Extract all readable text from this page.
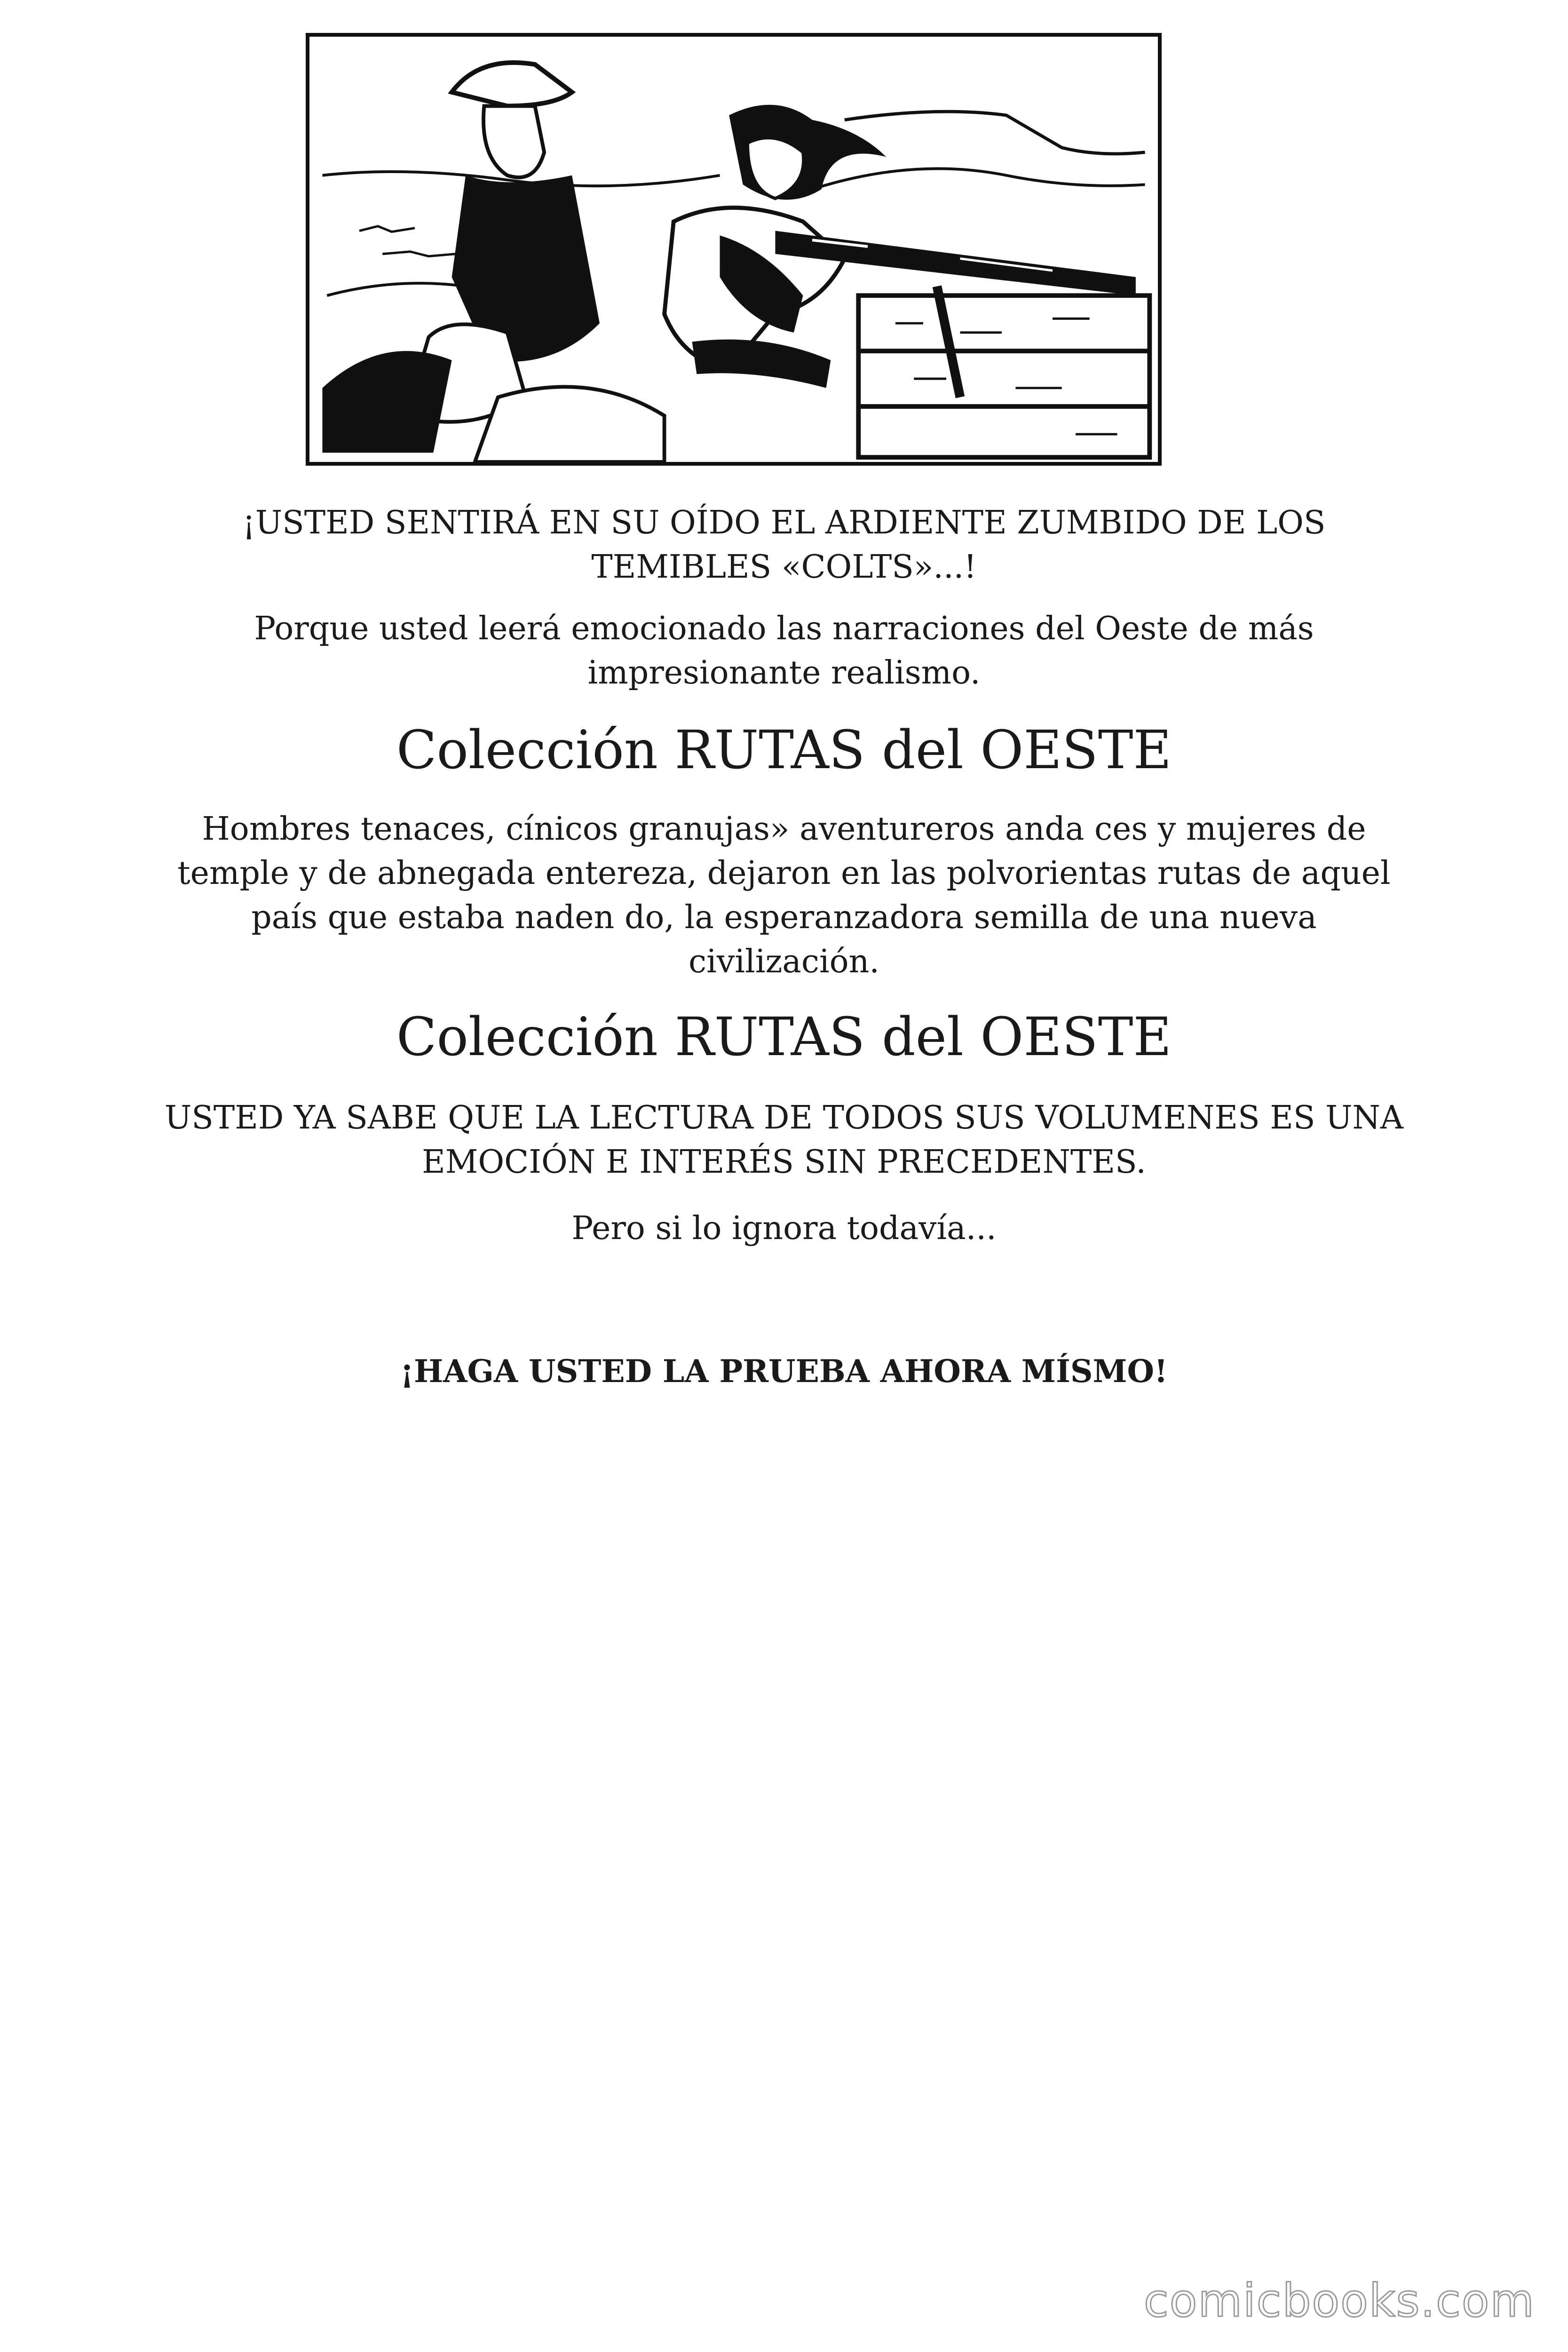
¡USTED SENTIRÁ EN SU OÍDO EL ARDIENTE ZUMBIDO DE LOS

TEMIBLES «COLTS»...!

Porque usted leerá emocionado las narraciones del Oeste de más

impresionante realismo.

Colección RUTAS del OESTE

Hombres tenaces, cínicos granujas» aventureros anda ces y mujeres de

temple y de abnegada entereza, dejaron en las polvorientas rutas de aquel

país que estaba naden do, la esperanzadora semilla de una nueva

civilización.

Colección RUTAS del OESTE

USTED YA SABE QUE LA LECTURA DE TODOS SUS VOLUMENES ES UNA

EMOCIÓN E INTERÉS SIN PRECEDENTES.

Pero si lo ignora todavía...

¡HAGA USTED LA PRUEBA AHORA MÍSMO!

comicbooks.com
